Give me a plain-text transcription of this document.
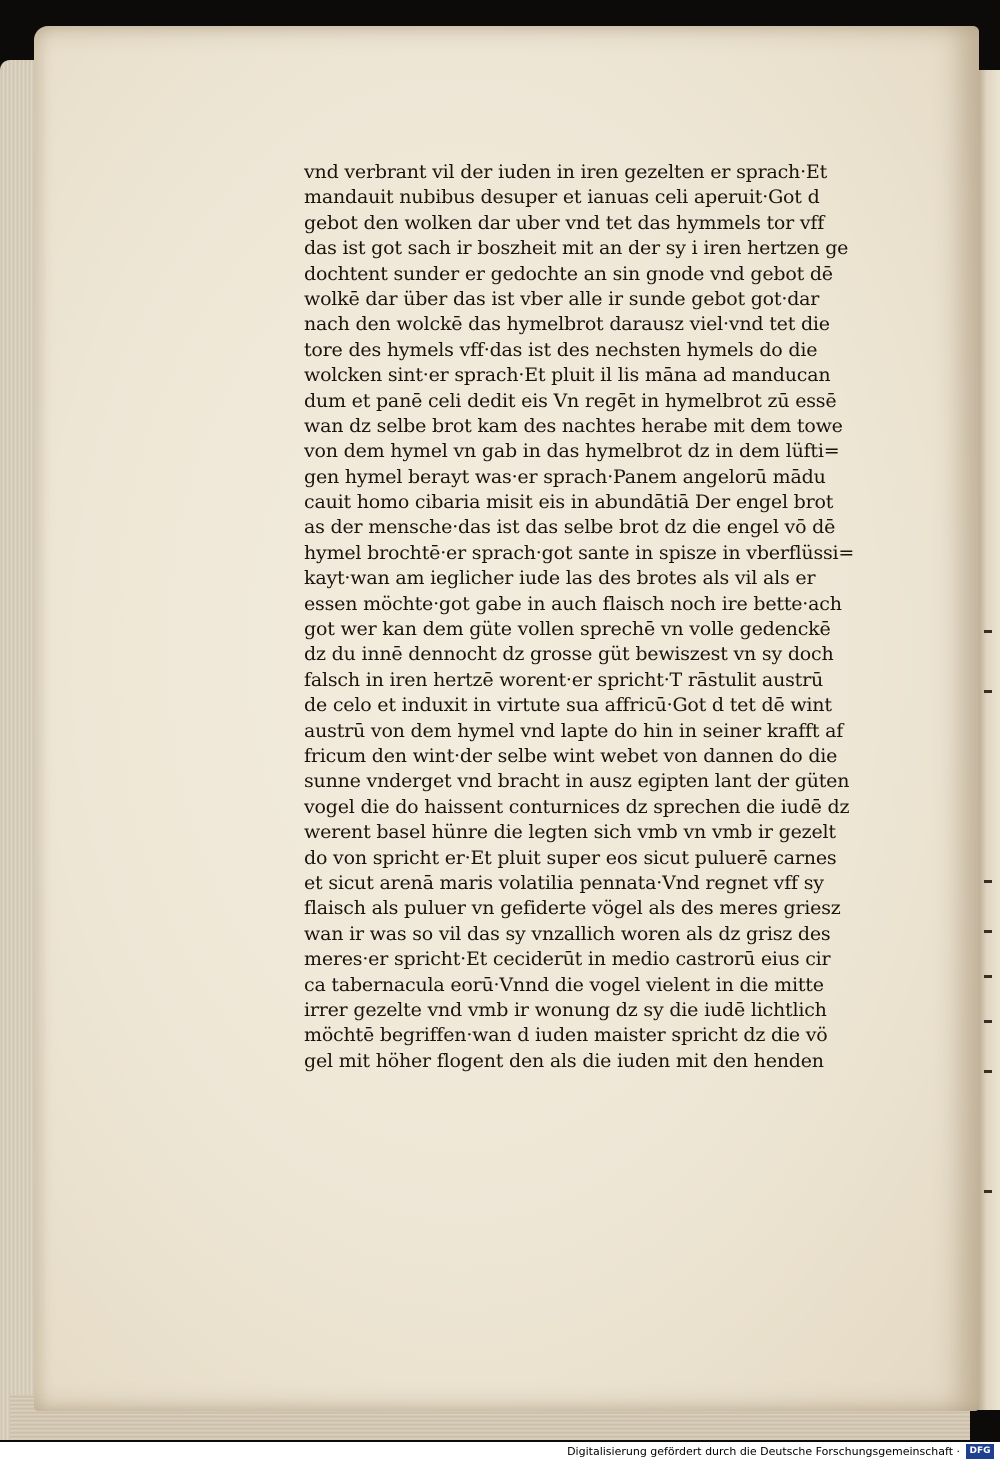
vnd verbrant vil der iuden in iren gezelten er sprach·Et
mandauit nubibus desuper et ianuas celi aperuit·Got d
gebot den wolken dar uber vnd tet das hymmels tor vff
das ist got sach ir boszheit mit an der sy i iren hertzen ge
dochtent sunder er gedochte an sin gnode vnd gebot dē
wolkē dar über das ist vber alle ir sunde gebot got·dar
nach den wolckē das hymelbrot darausz viel·vnd tet die
tore des hymels vff·das ist des nechsten hymels do die
wolcken sint·er sprach·Et pluit il lis māna ad manducan
dum et panē celi dedit eis Vn regēt in hymelbrot zū essē
wan dz selbe brot kam des nachtes herabe mit dem towe
von dem hymel vn gab in das hymelbrot dz in dem lüfti=
gen hymel berayt was·er sprach·Panem angelorū mādu
cauit homo cibaria misit eis in abundātiā Der engel brot
as der mensche·das ist das selbe brot dz die engel vō dē
hymel brochtē·er sprach·got sante in spisze in vberflüssi=
kayt·wan am ieglicher iude las des brotes als vil als er
essen möchte·got gabe in auch flaisch noch ire bette·ach
got wer kan dem güte vollen sprechē vn volle gedenckē
dz du innē dennocht dz grosse güt bewiszest vn sy doch
falsch in iren hertzē worent·er spricht·T rāstulit austrū
de celo et induxit in virtute sua affricū·Got d tet dē wint
austrū von dem hymel vnd lapte do hin in seiner krafft af
fricum den wint·der selbe wint webet von dannen do die
sunne vnderget vnd bracht in ausz egipten lant der güten
vogel die do haissent conturnices dz sprechen die iudē dz
werent basel hünre die legten sich vmb vn vmb ir gezelt
do von spricht er·Et pluit super eos sicut puluerē carnes
et sicut arenā maris volatilia pennata·Vnd regnet vff sy
flaisch als puluer vn gefiderte vögel als des meres griesz
wan ir was so vil das sy vnzallich woren als dz grisz des
meres·er spricht·Et ceciderūt in medio castrorū eius cir
ca tabernacula eorū·Vnnd die vogel vielent in die mitte
irrer gezelte vnd vmb ir wonung dz sy die iudē lichtlich
möchtē begriffen·wan d iuden maister spricht dz die vö
gel mit höher flogent den als die iuden mit den henden
Digitalisierung gefördert durch die Deutsche Forschungsgemeinschaft ·	DFG
